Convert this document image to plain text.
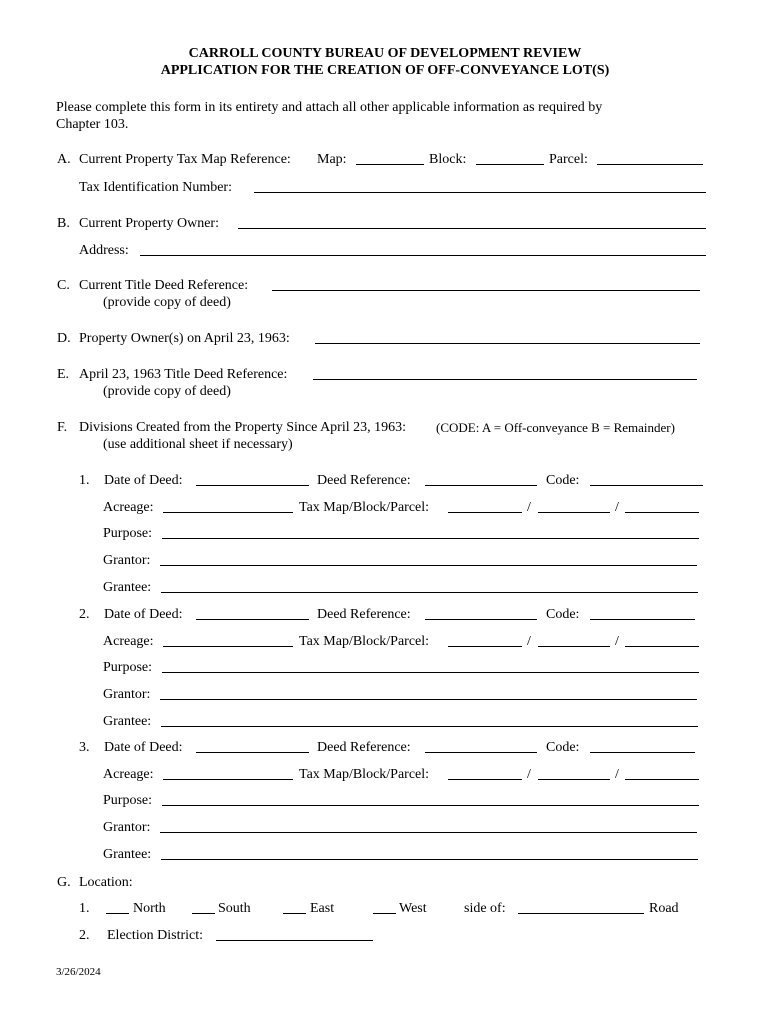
CARROLL COUNTY BUREAU OF DEVELOPMENT REVIEW
APPLICATION FOR THE CREATION OF OFF-CONVEYANCE LOT(S)
Please complete this form in its entirety and attach all other applicable information as required by
Chapter 103.
A. Current Property Tax Map Reference: Map:	Block:	Parcel:
Tax Identification Number:
B. Current Property Owner:
Address:
C. Current Title Deed Reference:
(provide copy of deed)
D. Property Owner(s) on April 23, 1963:
E. April 23, 1963 Title Deed Reference:
(provide copy of deed)
F. Divisions Created from the Property Since April 23, 1963: (CODE: A = Off-conveyance B = Remainder)
(use additional sheet if necessary)
1. Date of Deed:	Deed Reference:	Code:
Acreage:	Tax Map/Block/Parcel:	/	/
Purpose:
Grantor:
Grantee:
2. Date of Deed:	Deed Reference:	Code:
Acreage:	Tax Map/Block/Parcel:	/	/
Purpose:
Grantor:
Grantee:
3. Date of Deed:	Deed Reference:	Code:
Acreage:	Tax Map/Block/Parcel:	/	/
Purpose:
Grantor:
Grantee:
G. Location:
1.	North	South	East	West	side of:	Road
2. Election District:
3/26/2024
